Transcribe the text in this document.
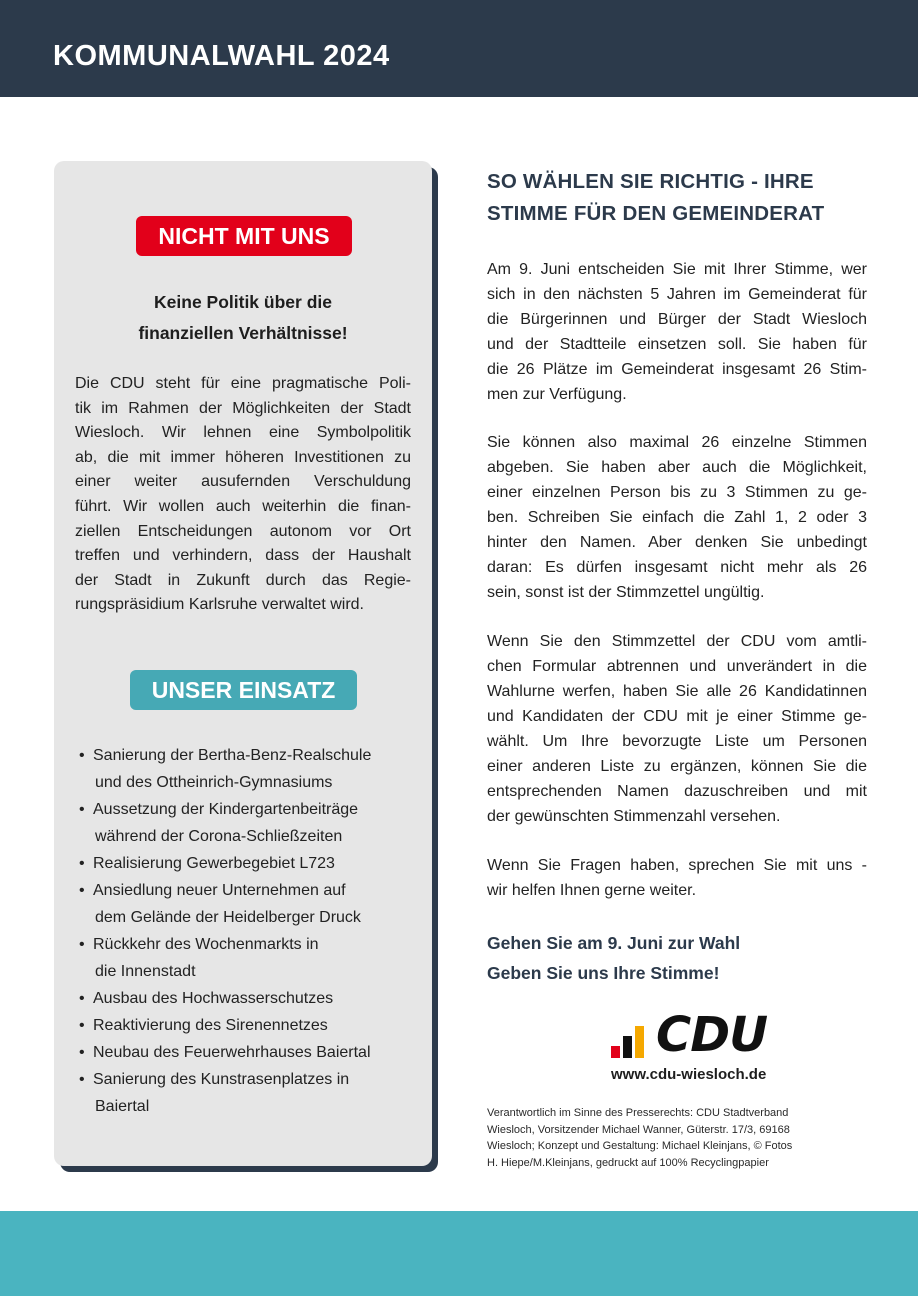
KOMMUNALWAHL 2024
NICHT MIT UNS
Keine Politik über die
finanziellen Verhältnisse!
Die CDU steht für eine pragmatische Poli-
tik im Rahmen der Möglichkeiten der Stadt
Wiesloch. Wir lehnen eine Symbolpolitik
ab, die mit immer höheren Investitionen zu
einer weiter ausufernden Verschuldung
führt. Wir wollen auch weiterhin die finan-
ziellen Entscheidungen autonom vor Ort
treffen und verhindern, dass der Haushalt
der Stadt in Zukunft durch das Regie-
rungspräsidium Karlsruhe verwaltet wird.
UNSER EINSATZ
• Sanierung der Bertha-Benz-Realschule
und des Ottheinrich-Gymnasiums
• Aussetzung der Kindergartenbeiträge
während der Corona-Schließzeiten
• Realisierung Gewerbegebiet L723
• Ansiedlung neuer Unternehmen auf
dem Gelände der Heidelberger Druck
• Rückkehr des Wochenmarkts in
die Innenstadt
• Ausbau des Hochwasserschutzes
• Reaktivierung des Sirenennetzes
• Neubau des Feuerwehrhauses Baiertal
• Sanierung des Kunstrasenplatzes in
Baiertal
SO WÄHLEN SIE RICHTIG - IHRE
STIMME FÜR DEN GEMEINDERAT
Am 9. Juni entscheiden Sie mit Ihrer Stimme, wer
sich in den nächsten 5 Jahren im Gemeinderat für
die Bürgerinnen und Bürger der Stadt Wiesloch
und der Stadtteile einsetzen soll. Sie haben für
die 26 Plätze im Gemeinderat insgesamt 26 Stim-
men zur Verfügung.
Sie können also maximal 26 einzelne Stimmen
abgeben. Sie haben aber auch die Möglichkeit,
einer einzelnen Person bis zu 3 Stimmen zu ge-
ben. Schreiben Sie einfach die Zahl 1, 2 oder 3
hinter den Namen. Aber denken Sie unbedingt
daran: Es dürfen insgesamt nicht mehr als 26
sein, sonst ist der Stimmzettel ungültig.
Wenn Sie den Stimmzettel der CDU vom amtli-
chen Formular abtrennen und unverändert in die
Wahlurne werfen, haben Sie alle 26 Kandidatinnen
und Kandidaten der CDU mit je einer Stimme ge-
wählt. Um Ihre bevorzugte Liste um Personen
einer anderen Liste zu ergänzen, können Sie die
entsprechenden Namen dazuschreiben und mit
der gewünschten Stimmenzahl versehen.
Wenn Sie Fragen haben, sprechen Sie mit uns -
wir helfen Ihnen gerne weiter.
Gehen Sie am 9. Juni zur Wahl
Geben Sie uns Ihre Stimme!
CDU
www.cdu-wiesloch.de
Verantwortlich im Sinne des Presserechts: CDU Stadtverband
Wiesloch, Vorsitzender Michael Wanner, Güterstr. 17/3, 69168
Wiesloch; Konzept und Gestaltung: Michael Kleinjans, © Fotos
H. Hiepe/M.Kleinjans, gedruckt auf 100% Recyclingpapier
